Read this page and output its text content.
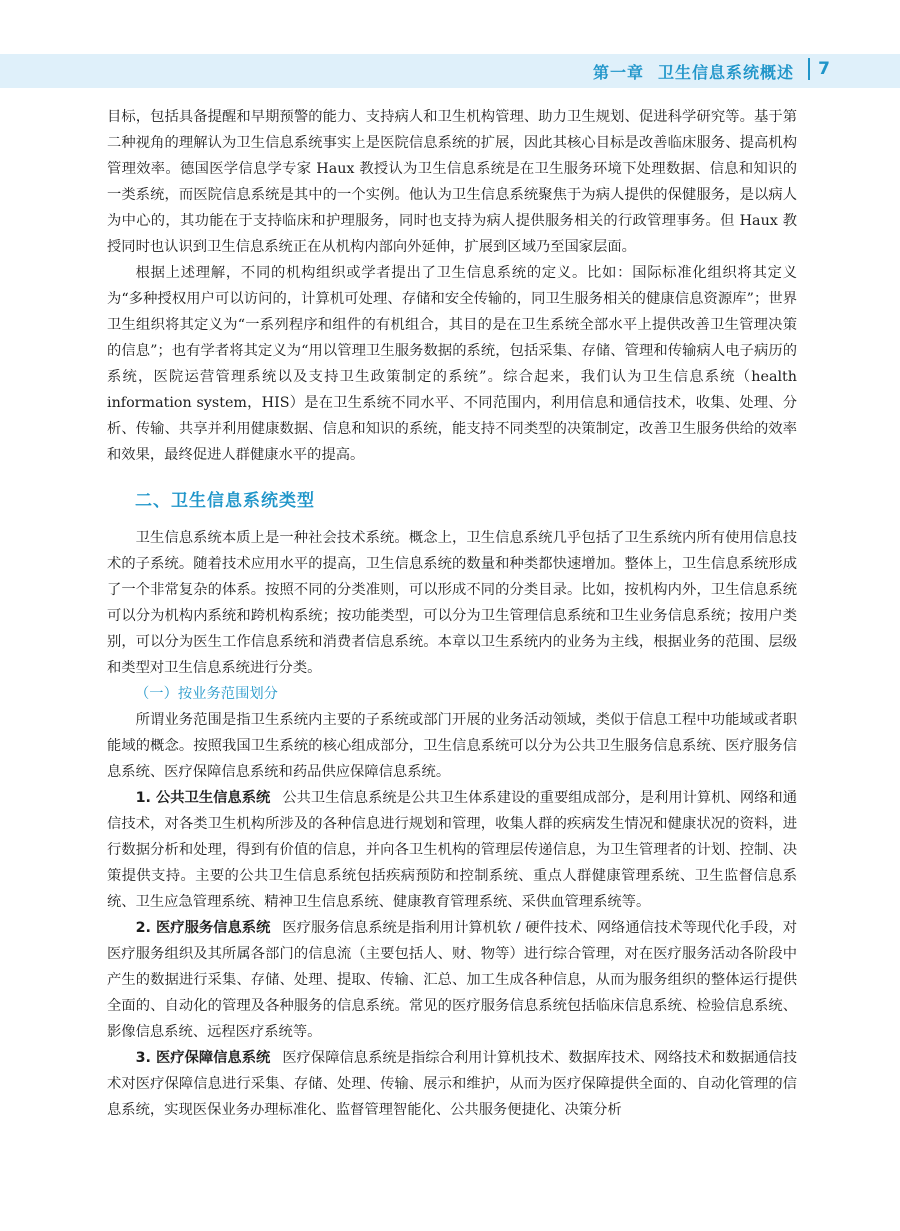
第一章 卫生信息系统概述 7

目标，包括具备提醒和早期预警的能力、支持病人和卫生机构管理、助力卫生规划、促进科学研究等。基于第二种视角的理解认为卫生信息系统事实上是医院信息系统的扩展，因此其核心目标是改善临床服务、提高机构管理效率。德国医学信息学专家 Haux 教授认为卫生信息系统是在卫生服务环境下处理数据、信息和知识的一类系统，而医院信息系统是其中的一个实例。他认为卫生信息系统聚焦于为病人提供的保健服务，是以病人为中心的，其功能在于支持临床和护理服务，同时也支持为病人提供服务相关的行政管理事务。但 Haux 教授同时也认识到卫生信息系统正在从机构内部向外延伸，扩展到区域乃至国家层面。

根据上述理解，不同的机构组织或学者提出了卫生信息系统的定义。比如：国际标准化组织将其定义为“多种授权用户可以访问的，计算机可处理、存储和安全传输的，同卫生服务相关的健康信息资源库”；世界卫生组织将其定义为“一系列程序和组件的有机组合，其目的是在卫生系统全部水平上提供改善卫生管理决策的信息”；也有学者将其定义为“用以管理卫生服务数据的系统，包括采集、存储、管理和传输病人电子病历的系统，医院运营管理系统以及支持卫生政策制定的系统”。综合起来，我们认为卫生信息系统（health information system，HIS）是在卫生系统不同水平、不同范围内，利用信息和通信技术，收集、处理、分析、传输、共享并利用健康数据、信息和知识的系统，能支持不同类型的决策制定，改善卫生服务供给的效率和效果，最终促进人群健康水平的提高。

二、卫生信息系统类型

卫生信息系统本质上是一种社会技术系统。概念上，卫生信息系统几乎包括了卫生系统内所有使用信息技术的子系统。随着技术应用水平的提高，卫生信息系统的数量和种类都快速增加。整体上，卫生信息系统形成了一个非常复杂的体系。按照不同的分类准则，可以形成不同的分类目录。比如，按机构内外，卫生信息系统可以分为机构内系统和跨机构系统；按功能类型，可以分为卫生管理信息系统和卫生业务信息系统；按用户类别，可以分为医生工作信息系统和消费者信息系统。本章以卫生系统内的业务为主线，根据业务的范围、层级和类型对卫生信息系统进行分类。

（一）按业务范围划分

所谓业务范围是指卫生系统内主要的子系统或部门开展的业务活动领域，类似于信息工程中功能域或者职能域的概念。按照我国卫生系统的核心组成部分，卫生信息系统可以分为公共卫生服务信息系统、医疗服务信息系统、医疗保障信息系统和药品供应保障信息系统。

1. 公共卫生信息系统 公共卫生信息系统是公共卫生体系建设的重要组成部分，是利用计算机、网络和通信技术，对各类卫生机构所涉及的各种信息进行规划和管理，收集人群的疾病发生情况和健康状况的资料，进行数据分析和处理，得到有价值的信息，并向各卫生机构的管理层传递信息，为卫生管理者的计划、控制、决策提供支持。主要的公共卫生信息系统包括疾病预防和控制系统、重点人群健康管理系统、卫生监督信息系统、卫生应急管理系统、精神卫生信息系统、健康教育管理系统、采供血管理系统等。

2. 医疗服务信息系统 医疗服务信息系统是指利用计算机软 / 硬件技术、网络通信技术等现代化手段，对医疗服务组织及其所属各部门的信息流（主要包括人、财、物等）进行综合管理，对在医疗服务活动各阶段中产生的数据进行采集、存储、处理、提取、传输、汇总、加工生成各种信息，从而为服务组织的整体运行提供全面的、自动化的管理及各种服务的信息系统。常见的医疗服务信息系统包括临床信息系统、检验信息系统、影像信息系统、远程医疗系统等。

3. 医疗保障信息系统 医疗保障信息系统是指综合利用计算机技术、数据库技术、网络技术和数据通信技术对医疗保障信息进行采集、存储、处理、传输、展示和维护，从而为医疗保障提供全面的、自动化管理的信息系统，实现医保业务办理标准化、监督管理智能化、公共服务便捷化、决策分析
